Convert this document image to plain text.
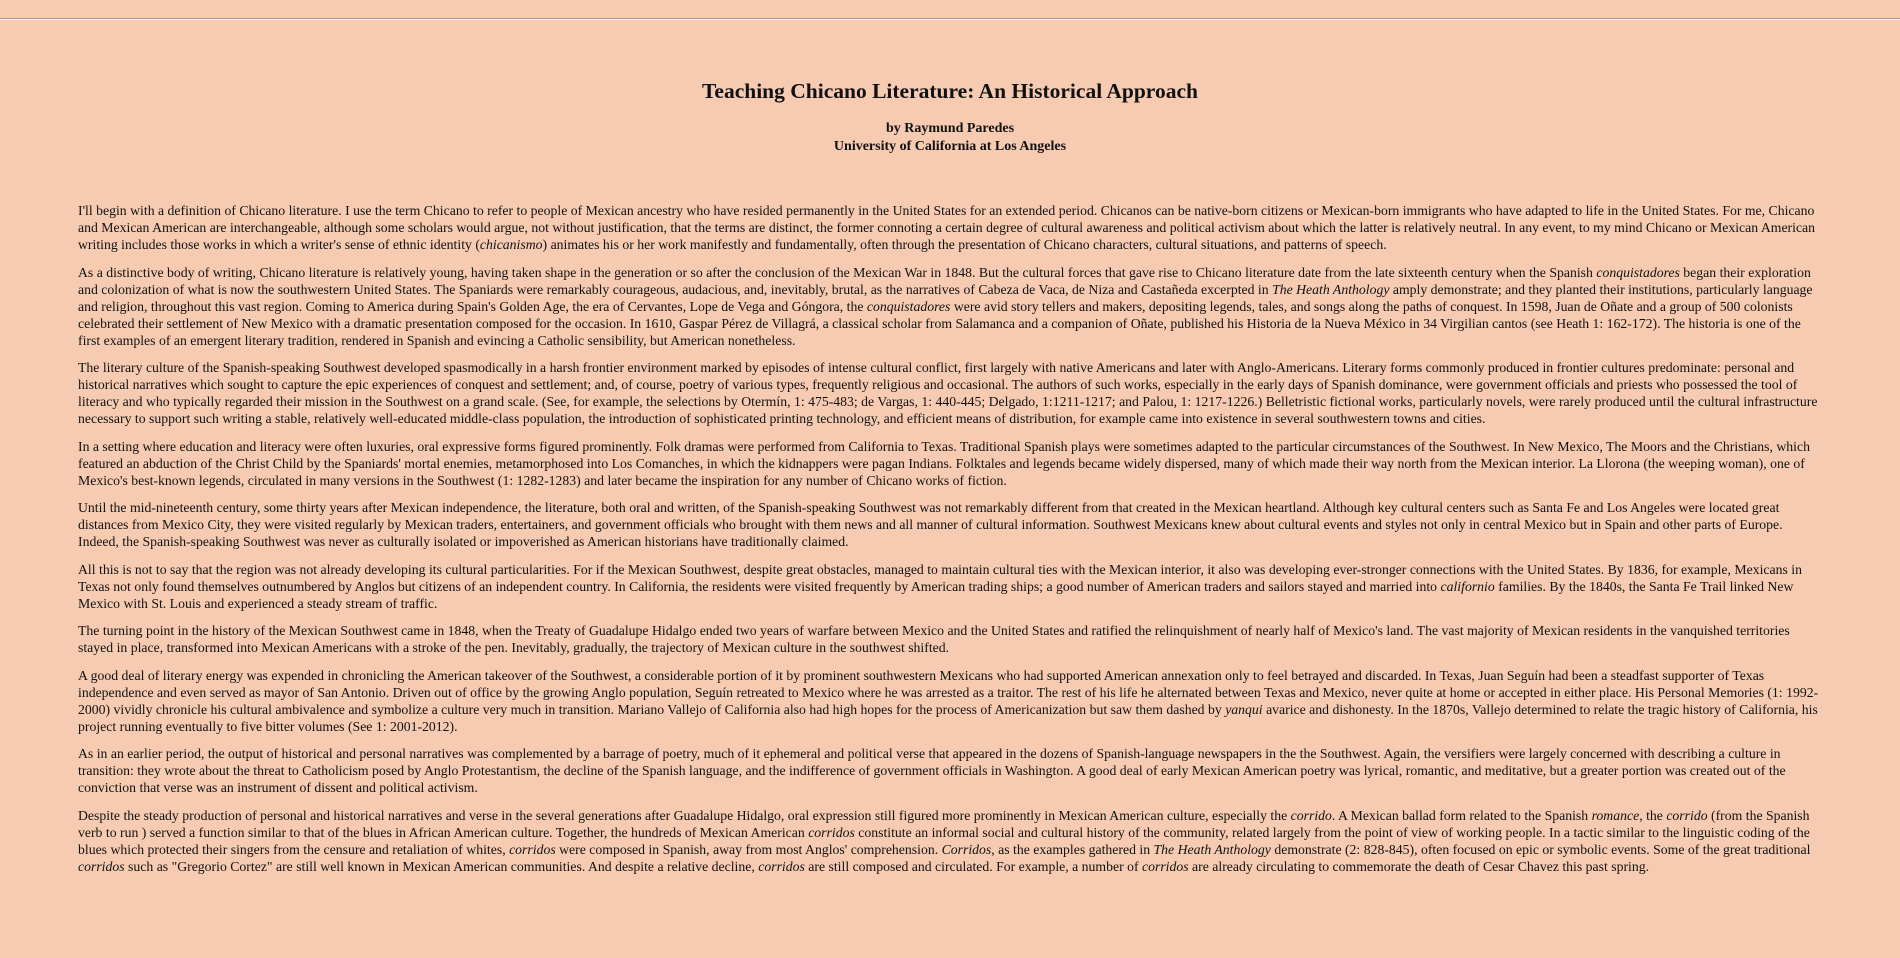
Teaching Chicano Literature: An Historical Approach
by Raymund Paredes
University of California at Los Angeles

I'll begin with a definition of Chicano literature. I use the term Chicano to refer to people of Mexican ancestry who have resided permanently in the United States for an extended period. Chicanos can be native-born citizens or Mexican-born immigrants who have adapted to life in the United States. For me, Chicano and Mexican American are interchangeable, although some scholars would argue, not without justification, that the terms are distinct, the former connoting a certain degree of cultural awareness and political activism about which the latter is relatively neutral. In any event, to my mind Chicano or Mexican American writing includes those works in which a writer's sense of ethnic identity (chicanismo) animates his or her work manifestly and fundamentally, often through the presentation of Chicano characters, cultural situations, and patterns of speech.

As a distinctive body of writing, Chicano literature is relatively young, having taken shape in the generation or so after the conclusion of the Mexican War in 1848. But the cultural forces that gave rise to Chicano literature date from the late sixteenth century when the Spanish conquistadores began their exploration and colonization of what is now the southwestern United States. The Spaniards were remarkably courageous, audacious, and, inevitably, brutal, as the narratives of Cabeza de Vaca, de Niza and Castañeda excerpted in The Heath Anthology amply demonstrate; and they planted their institutions, particularly language and religion, throughout this vast region. Coming to America during Spain's Golden Age, the era of Cervantes, Lope de Vega and Góngora, the conquistadores were avid story tellers and makers, depositing legends, tales, and songs along the paths of conquest. In 1598, Juan de Oñate and a group of 500 colonists celebrated their settlement of New Mexico with a dramatic presentation composed for the occasion. In 1610, Gaspar Pérez de Villagrá, a classical scholar from Salamanca and a companion of Oñate, published his Historia de la Nueva México in 34 Virgilian cantos (see Heath 1: 162-172). The historia is one of the first examples of an emergent literary tradition, rendered in Spanish and evincing a Catholic sensibility, but American nonetheless.

The literary culture of the Spanish-speaking Southwest developed spasmodically in a harsh frontier environment marked by episodes of intense cultural conflict, first largely with native Americans and later with Anglo-Americans. Literary forms commonly produced in frontier cultures predominate: personal and historical narratives which sought to capture the epic experiences of conquest and settlement; and, of course, poetry of various types, frequently religious and occasional. The authors of such works, especially in the early days of Spanish dominance, were government officials and priests who possessed the tool of literacy and who typically regarded their mission in the Southwest on a grand scale. (See, for example, the selections by Otermín, 1: 475-483; de Vargas, 1: 440-445; Delgado, 1:1211-1217; and Palou, 1: 1217-1226.) Belletristic fictional works, particularly novels, were rarely produced until the cultural infrastructure necessary to support such writing a stable, relatively well-educated middle-class population, the introduction of sophisticated printing technology, and efficient means of distribution, for example came into existence in several southwestern towns and cities.

In a setting where education and literacy were often luxuries, oral expressive forms figured prominently. Folk dramas were performed from California to Texas. Traditional Spanish plays were sometimes adapted to the particular circumstances of the Southwest. In New Mexico, The Moors and the Christians, which featured an abduction of the Christ Child by the Spaniards' mortal enemies, metamorphosed into Los Comanches, in which the kidnappers were pagan Indians. Folktales and legends became widely dispersed, many of which made their way north from the Mexican interior. La Llorona (the weeping woman), one of Mexico's best-known legends, circulated in many versions in the Southwest (1: 1282-1283) and later became the inspiration for any number of Chicano works of fiction.

Until the mid-nineteenth century, some thirty years after Mexican independence, the literature, both oral and written, of the Spanish-speaking Southwest was not remarkably different from that created in the Mexican heartland. Although key cultural centers such as Santa Fe and Los Angeles were located great distances from Mexico City, they were visited regularly by Mexican traders, entertainers, and government officials who brought with them news and all manner of cultural information. Southwest Mexicans knew about cultural events and styles not only in central Mexico but in Spain and other parts of Europe. Indeed, the Spanish-speaking Southwest was never as culturally isolated or impoverished as American historians have traditionally claimed.

All this is not to say that the region was not already developing its cultural particularities. For if the Mexican Southwest, despite great obstacles, managed to maintain cultural ties with the Mexican interior, it also was developing ever-stronger connections with the United States. By 1836, for example, Mexicans in Texas not only found themselves outnumbered by Anglos but citizens of an independent country. In California, the residents were visited frequently by American trading ships; a good number of American traders and sailors stayed and married into californio families. By the 1840s, the Santa Fe Trail linked New Mexico with St. Louis and experienced a steady stream of traffic.

The turning point in the history of the Mexican Southwest came in 1848, when the Treaty of Guadalupe Hidalgo ended two years of warfare between Mexico and the United States and ratified the relinquishment of nearly half of Mexico's land. The vast majority of Mexican residents in the vanquished territories stayed in place, transformed into Mexican Americans with a stroke of the pen. Inevitably, gradually, the trajectory of Mexican culture in the southwest shifted.

A good deal of literary energy was expended in chronicling the American takeover of the Southwest, a considerable portion of it by prominent southwestern Mexicans who had supported American annexation only to feel betrayed and discarded. In Texas, Juan Seguín had been a steadfast supporter of Texas independence and even served as mayor of San Antonio. Driven out of office by the growing Anglo population, Seguín retreated to Mexico where he was arrested as a traitor. The rest of his life he alternated between Texas and Mexico, never quite at home or accepted in either place. His Personal Memories (1: 1992-2000) vividly chronicle his cultural ambivalence and symbolize a culture very much in transition. Mariano Vallejo of California also had high hopes for the process of Americanization but saw them dashed by yanqui avarice and dishonesty. In the 1870s, Vallejo determined to relate the tragic history of California, his project running eventually to five bitter volumes (See 1: 2001-2012).

As in an earlier period, the output of historical and personal narratives was complemented by a barrage of poetry, much of it ephemeral and political verse that appeared in the dozens of Spanish-language newspapers in the the Southwest. Again, the versifiers were largely concerned with describing a culture in transition: they wrote about the threat to Catholicism posed by Anglo Protestantism, the decline of the Spanish language, and the indifference of government officials in Washington. A good deal of early Mexican American poetry was lyrical, romantic, and meditative, but a greater portion was created out of the conviction that verse was an instrument of dissent and political activism.

Despite the steady production of personal and historical narratives and verse in the several generations after Guadalupe Hidalgo, oral expression still figured more prominently in Mexican American culture, especially the corrido. A Mexican ballad form related to the Spanish romance, the corrido (from the Spanish verb to run ) served a function similar to that of the blues in African American culture. Together, the hundreds of Mexican American corridos constitute an informal social and cultural history of the community, related largely from the point of view of working people. In a tactic similar to the linguistic coding of the blues which protected their singers from the censure and retaliation of whites, corridos were composed in Spanish, away from most Anglos' comprehension. Corridos, as the examples gathered in The Heath Anthology demonstrate (2: 828-845), often focused on epic or symbolic events. Some of the great traditional corridos such as "Gregorio Cortez" are still well known in Mexican American communities. And despite a relative decline, corridos are still composed and circulated. For example, a number of corridos are already circulating to commemorate the death of Cesar Chavez this past spring.
